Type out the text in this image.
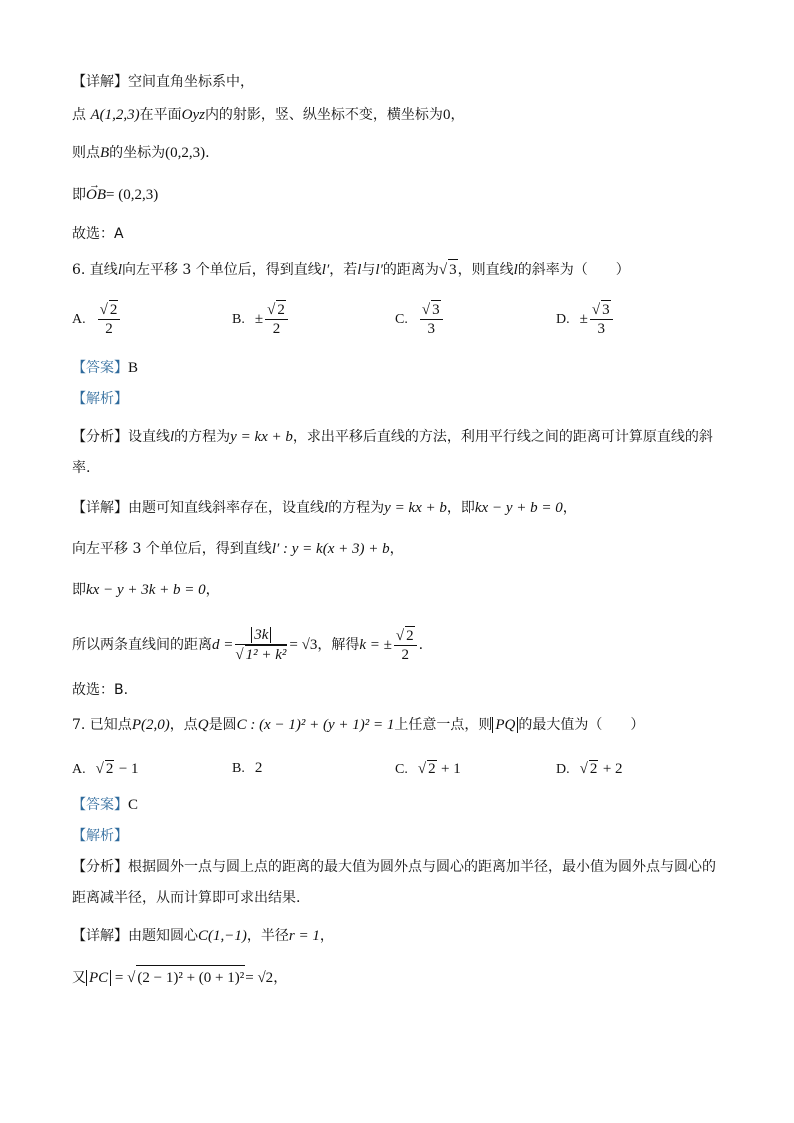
【详解】空间直角坐标系中，
点 A(1,2,3)在平面Oyz内的射影，竖、纵坐标不变，横坐标为0，
则点B的坐标为(0,2,3).
即→ OB= (0,2,3)
故选：A
6. 直线l向左平移 3 个单位后，得到直线l′，若l与l′的距离为√ 3，则直线l的斜率为（　　）
A. $\frac{√ 2}{2}$	B. ± $\frac{√ 2}{2}$	C. $\frac{√ 3}{3}$	D. ± $\frac{√ 3}{3}$
【答案】B
【解析】
【分析】设直线l的方程为y = kx + b，求出平移后直线的方法，利用平行线之间的距离可计算原直线的斜率.
【详解】由题可知直线斜率存在，设直线l的方程为y = kx + b，即kx − y + b = 0，
向左平移 3 个单位后，得到直线l′ : y = k(x + 3) + b，
即kx − y + 3k + b = 0，
所以两条直线间的距离$d = \frac{3k}{\text{√ 1² + k²}} = √3$，解得k = ± $\frac{√ 2}{2}$ .
故选：B.
7. 已知点P(2,0)，点Q是圆C : (x − 1)² + (y + 1)² = 1上任意一点，则 PQ 的最大值为（　　）
A. √ 2 − 1	B. 2	C. √ 2 + 1	D. √ 2 + 2
【答案】C
【解析】
【分析】根据圆外一点与圆上点的距离的最大值为圆外点与圆心的距离加半径，最小值为圆外点与圆心的距离减半径，从而计算即可求出结果.
【详解】由题知圆心C(1,−1)，半径r = 1，
又 PC = √ (2 − 1)² + (0 + 1)²= √2，
